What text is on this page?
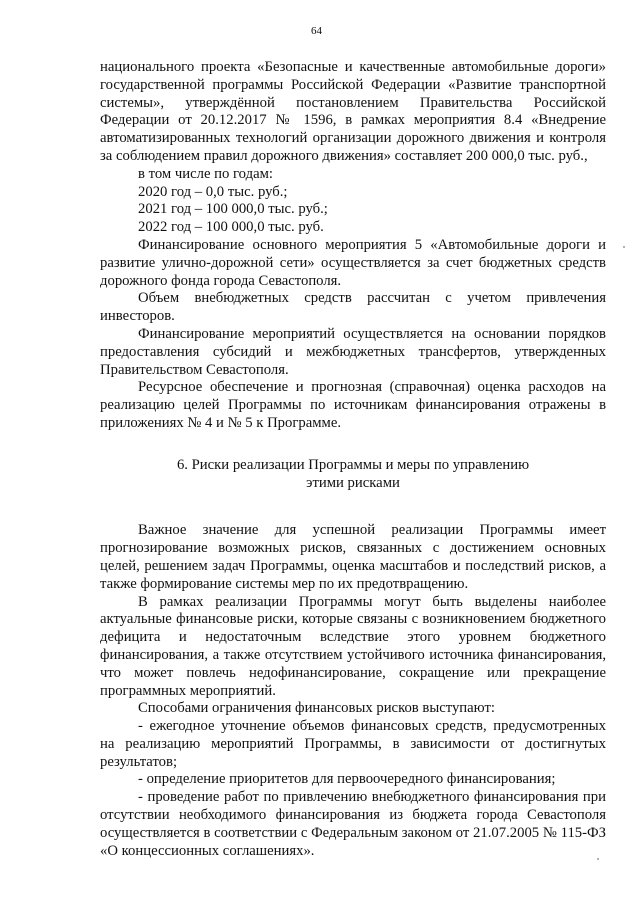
64

национального проекта «Безопасные и качественные автомобильные дороги» государственной программы Российской Федерации «Развитие транспортной системы», утверждённой постановлением Правительства Российской Федерации от 20.12.2017 № 1596, в рамках мероприятия 8.4 «Внедрение автоматизированных технологий организации дорожного движения и контроля за соблюдением правил дорожного движения» составляет 200 000,0 тыс. руб.,

в том числе по годам:

2020 год – 0,0 тыс. руб.;

2021 год – 100 000,0 тыс. руб.;

2022 год – 100 000,0 тыс. руб.

Финансирование основного мероприятия 5 «Автомобильные дороги и развитие улично-дорожной сети» осуществляется за счет бюджетных средств дорожного фонда города Севастополя.

Объем внебюджетных средств рассчитан с учетом привлечения инвесторов.

Финансирование мероприятий осуществляется на основании порядков предоставления субсидий и межбюджетных трансфертов, утвержденных Правительством Севастополя.

Ресурсное обеспечение и прогнозная (справочная) оценка расходов на реализацию целей Программы по источникам финансирования отражены в приложениях № 4 и № 5 к Программе.

6. Риски реализации Программы и меры по управлению
этими рисками

Важное значение для успешной реализации Программы имеет прогнозирование возможных рисков, связанных с достижением основных целей, решением задач Программы, оценка масштабов и последствий рисков, а также формирование системы мер по их предотвращению.

В рамках реализации Программы могут быть выделены наиболее актуальные финансовые риски, которые связаны с возникновением бюджетного дефицита и недостаточным вследствие этого уровнем бюджетного финансирования, а также отсутствием устойчивого источника финансирования, что может повлечь недофинансирование, сокращение или прекращение программных мероприятий.

Способами ограничения финансовых рисков выступают:

- ежегодное уточнение объемов финансовых средств, предусмотренных на реализацию мероприятий Программы, в зависимости от достигнутых результатов;

- определение приоритетов для первоочередного финансирования;

- проведение работ по привлечению внебюджетного финансирования при отсутствии необходимого финансирования из бюджета города Севастополя осуществляется в соответствии с Федеральным законом от 21.07.2005 № 115-ФЗ «О концессионных соглашениях».
